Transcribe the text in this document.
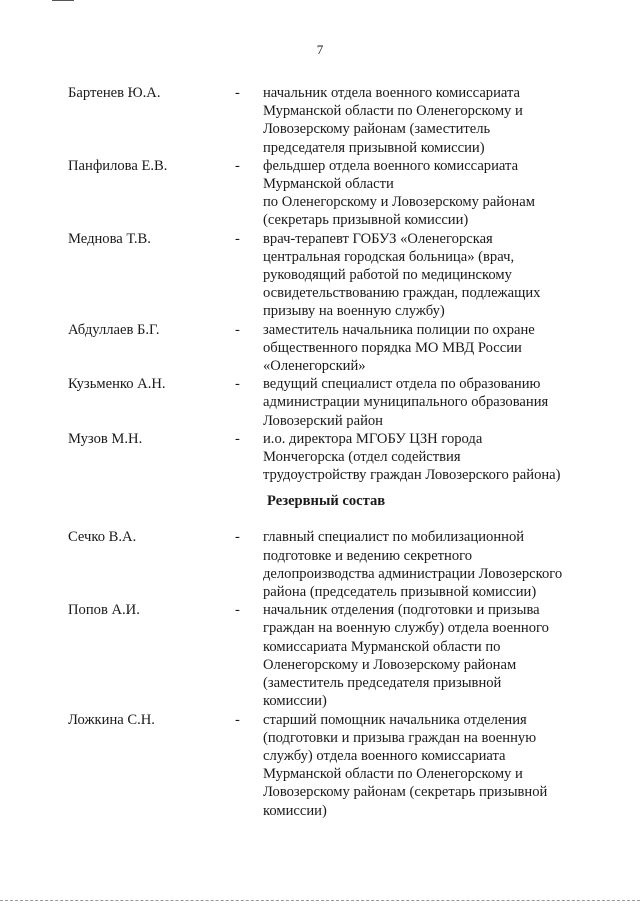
7
Бартенев Ю.А.	-	начальник отдела военного комиссариата
Мурманской области по Оленегорскому и
Ловозерскому районам (заместитель
председателя призывной комиссии)
Панфилова Е.В.	-	фельдшер отдела военного комиссариата
Мурманской области
по Оленегорскому и Ловозерскому районам
(секретарь призывной комиссии)
Меднова Т.В.	-	врач-терапевт ГОБУЗ «Оленегорская
центральная городская больница» (врач,
руководящий работой по медицинскому
освидетельствованию граждан, подлежащих
призыву на военную службу)
Абдуллаев Б.Г.	-	заместитель начальника полиции по охране
общественного порядка МО МВД России
«Оленегорский»
Кузьменко А.Н.	-	ведущий специалист отдела по образованию
администрации муниципального образования
Ловозерский район
Музов М.Н.	-	и.о. директора МГОБУ ЦЗН города
Мончегорска (отдел содействия
трудоустройству граждан Ловозерского района)
Резервный состав
Сечко В.А.	-	главный специалист по мобилизационной
подготовке и ведению секретного
делопроизводства администрации Ловозерского
района (председатель призывной комиссии)
Попов А.И.	-	начальник отделения (подготовки и призыва
граждан на военную службу) отдела военного
комиссариата Мурманской области по
Оленегорскому и Ловозерскому районам
(заместитель председателя призывной
комиссии)
Ложкина С.Н.	-	старший помощник начальника отделения
(подготовки и призыва граждан на военную
службу) отдела военного комиссариата
Мурманской области по Оленегорскому и
Ловозерскому районам (секретарь призывной
комиссии)
